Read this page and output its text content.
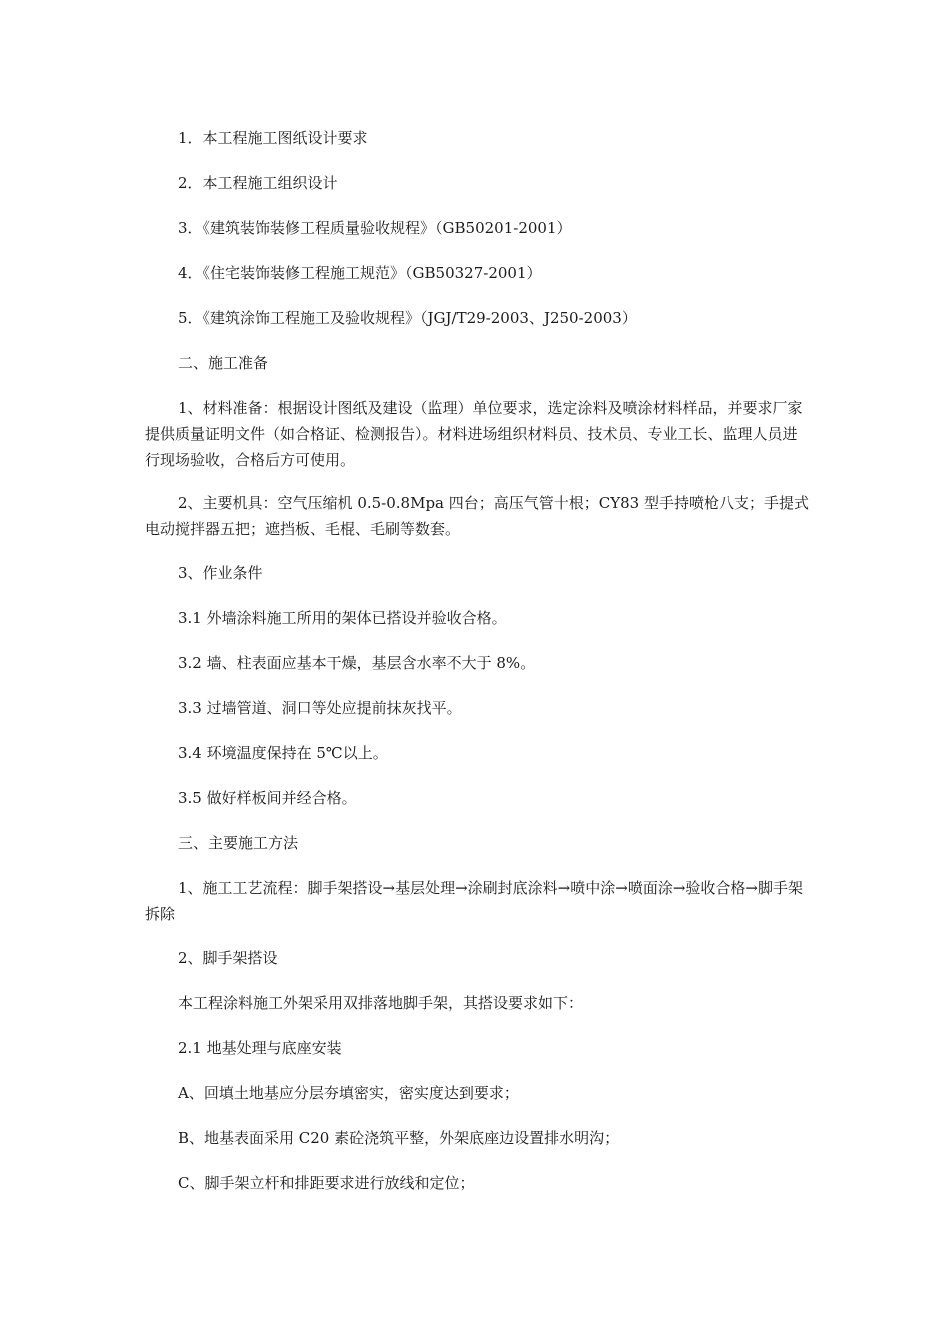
1．本工程施工图纸设计要求

2．本工程施工组织设计

3．《建筑装饰装修工程质量验收规程》（GB50201-2001）

4．《住宅装饰装修工程施工规范》（GB50327-2001）

5．《建筑涂饰工程施工及验收规程》（JGJ/T29-2003、J250-2003）

二、施工准备

1、材料准备：根据设计图纸及建设（监理）单位要求，选定涂料及喷涂材料样品，并要求厂家提供质量证明文件（如合格证、检测报告）。材料进场组织材料员、技术员、专业工长、监理人员进行现场验收，合格后方可使用。

2、主要机具：空气压缩机 0.5-0.8Mpa 四台；高压气管十根；CY83 型手持喷枪八支；手提式电动搅拌器五把；遮挡板、毛棍、毛刷等数套。

3、作业条件

3.1 外墙涂料施工所用的架体已搭设并验收合格。

3.2 墙、柱表面应基本干燥，基层含水率不大于 8%。

3.3 过墙管道、洞口等处应提前抹灰找平。

3.4 环境温度保持在 5℃以上。

3.5 做好样板间并经合格。

三、主要施工方法

1、施工工艺流程：脚手架搭设→基层处理→涂刷封底涂料→喷中涂→喷面涂→验收合格→脚手架拆除

2、脚手架搭设

本工程涂料施工外架采用双排落地脚手架，其搭设要求如下：

2.1 地基处理与底座安装

A、回填土地基应分层夯填密实，密实度达到要求；

B、地基表面采用 C20 素砼浇筑平整，外架底座边设置排水明沟；

C、脚手架立杆和排距要求进行放线和定位；
